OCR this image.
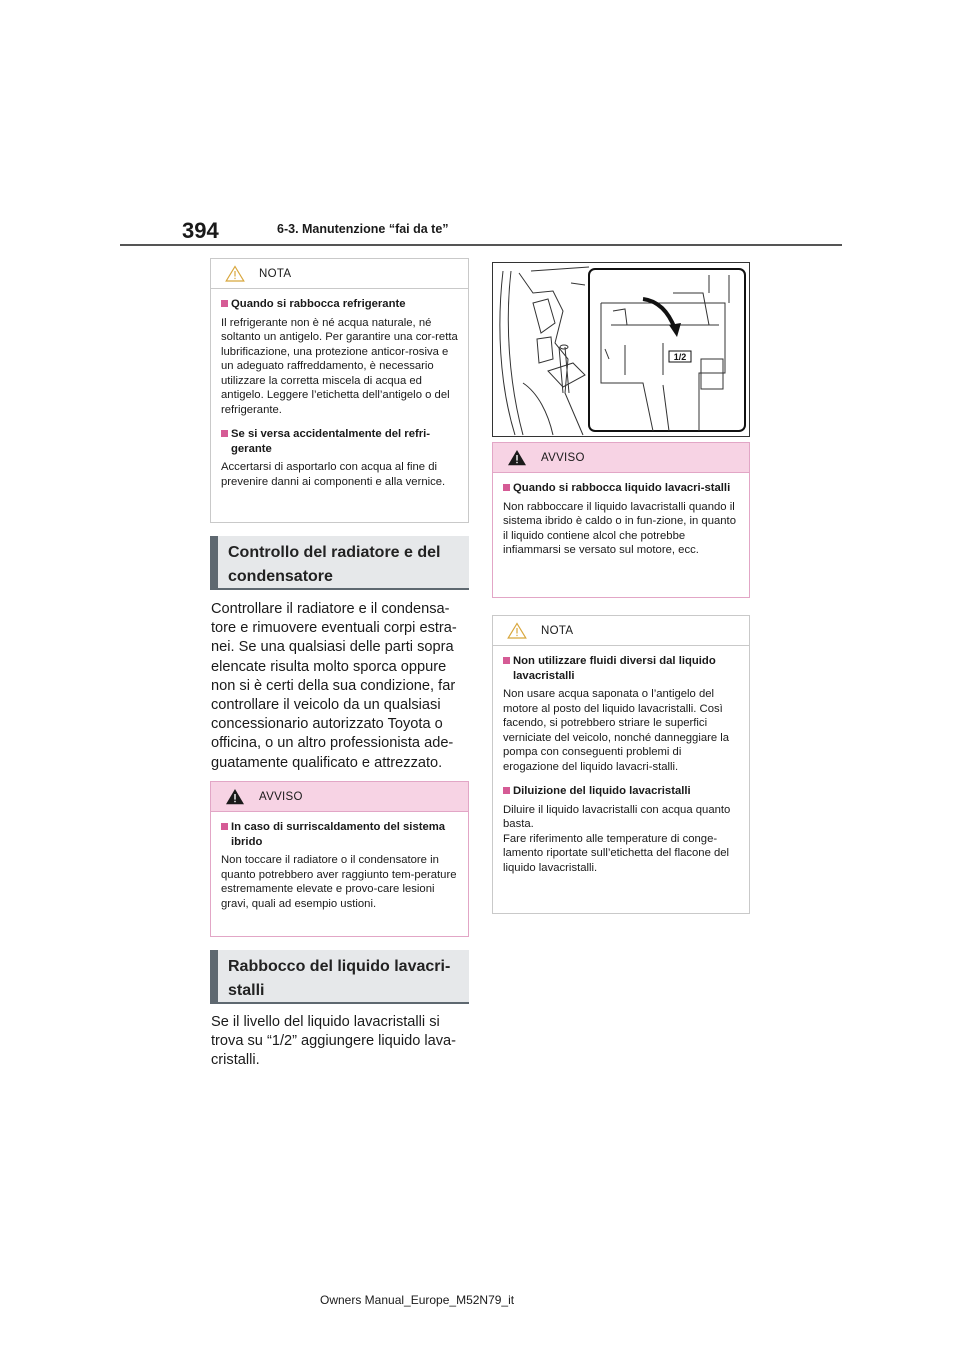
394	6-3. Manutenzione “fai da te”
NOTA
Quando si rabbocca refrigerante
Il refrigerante non è né acqua naturale, né soltanto un antigelo. Per garantire una cor-retta lubrificazione, una protezione anticor-rosiva e un adeguato raffreddamento, è necessario utilizzare la corretta miscela di acqua ed antigelo. Leggere l’etichetta dell’antigelo o del refrigerante.
Se si versa accidentalmente del refri-gerante
Accertarsi di asportarlo con acqua al fine di prevenire danni ai componenti e alla vernice.
Controllo del radiatore e del condensatore
Controllare il radiatore e il condensa-tore e rimuovere eventuali corpi estra-nei. Se una qualsiasi delle parti sopra elencate risulta molto sporca oppure non si è certi della sua condizione, far controllare il veicolo da un qualsiasi concessionario autorizzato Toyota o officina, o un altro professionista ade-guatamente qualificato e attrezzato.
AVVISO
In caso di surriscaldamento del sistema ibrido
Non toccare il radiatore o il condensatore in quanto potrebbero aver raggiunto tem-perature estremamente elevate e provo-care lesioni gravi, quali ad esempio ustioni.
Rabbocco del liquido lavacri-stalli
Se il livello del liquido lavacristalli si trova su “1/2” aggiungere liquido lava-cristalli.
1/2
AVVISO
Quando si rabbocca liquido lavacri-stalli
Non rabboccare il liquido lavacristalli quando il sistema ibrido è caldo o in fun-zione, in quanto il liquido contiene alcol che potrebbe infiammarsi se versato sul motore, ecc.
NOTA
Non utilizzare fluidi diversi dal liquido lavacristalli
Non usare acqua saponata o l’antigelo del motore al posto del liquido lavacristalli. Così facendo, si potrebbero striare le superfici verniciate del veicolo, nonché danneggiare la pompa con conseguenti problemi di erogazione del liquido lavacri-stalli.
Diluizione del liquido lavacristalli
Diluire il liquido lavacristalli con acqua quanto basta.
Fare riferimento alle temperature di conge-lamento riportate sull’etichetta del flacone del liquido lavacristalli.
Owners Manual_Europe_M52N79_it
